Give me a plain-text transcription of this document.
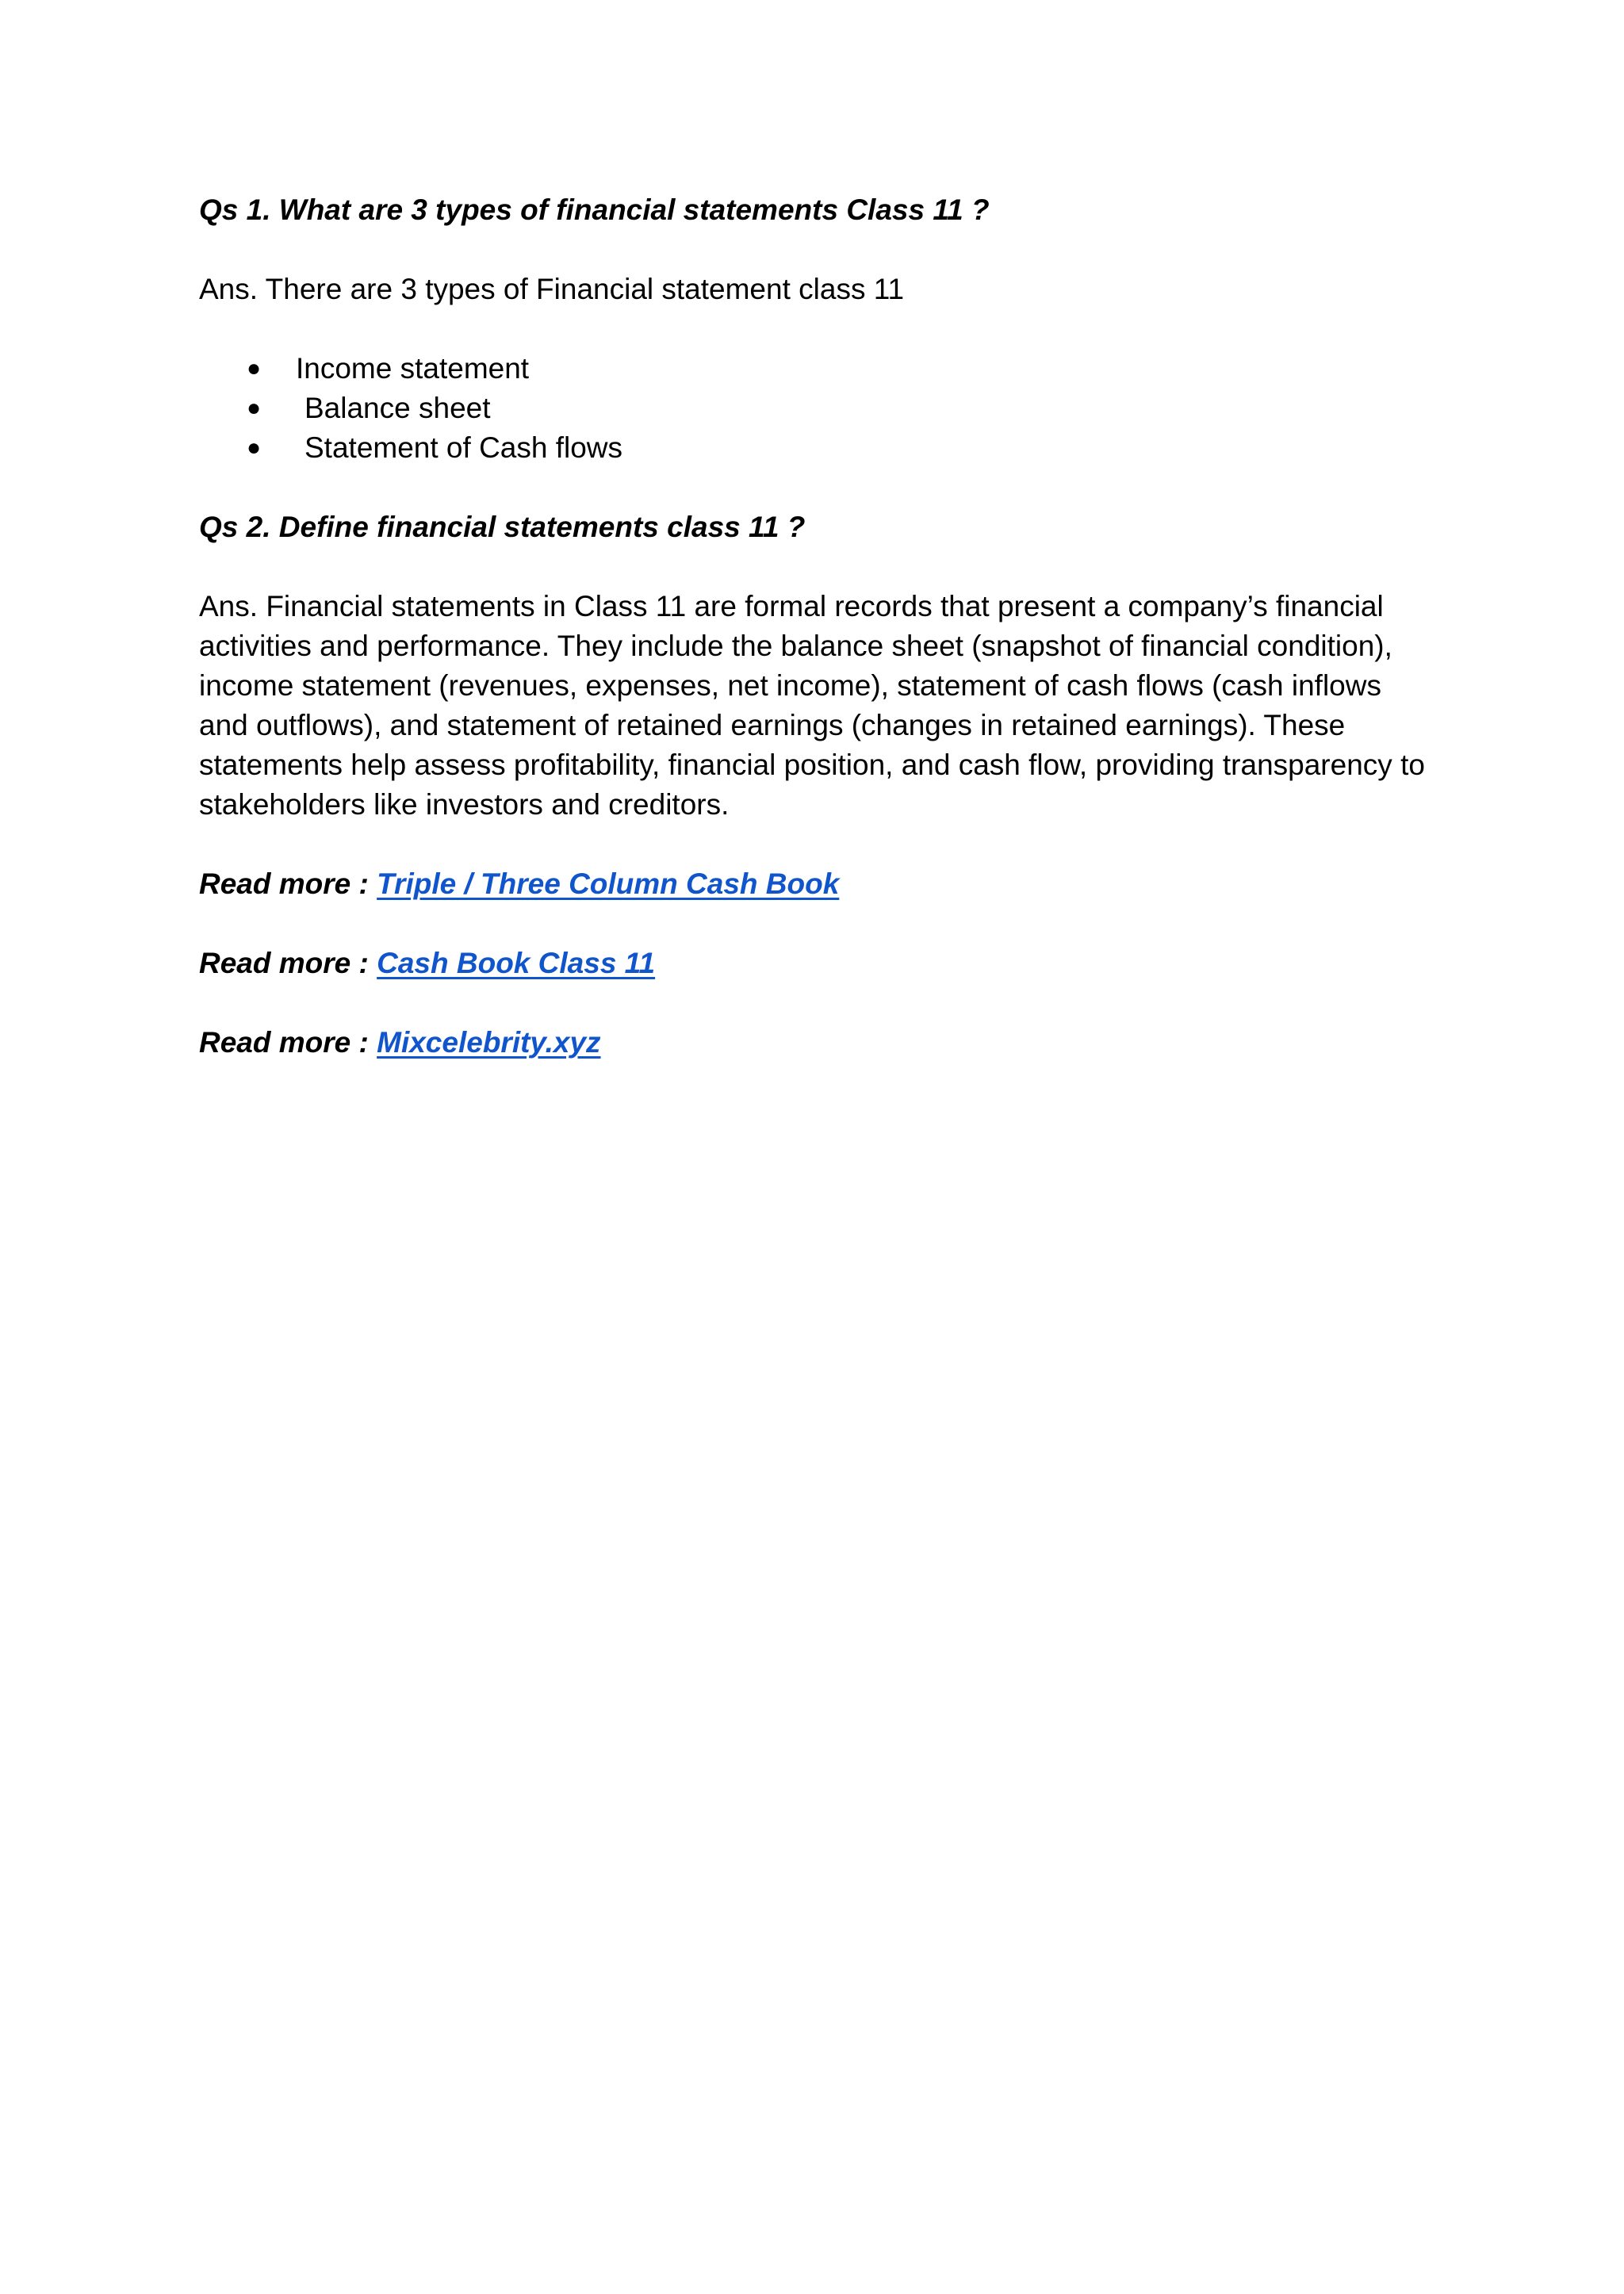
Qs 1. What are 3 types of financial statements Class 11 ?

Ans. There are 3 types of Financial statement class 11

● Income statement
● Balance sheet
● Statement of Cash flows

Qs 2. Define financial statements class 11 ?

Ans. Financial statements in Class 11 are formal records that present a company’s financial activities and performance. They include the balance sheet (snapshot of financial condition), income statement (revenues, expenses, net income), statement of cash flows (cash inflows and outflows), and statement of retained earnings (changes in retained earnings). These statements help assess profitability, financial position, and cash flow, providing transparency to stakeholders like investors and creditors.

Read more : Triple / Three Column Cash Book

Read more : Cash Book Class 11

Read more : Mixcelebrity.xyz
